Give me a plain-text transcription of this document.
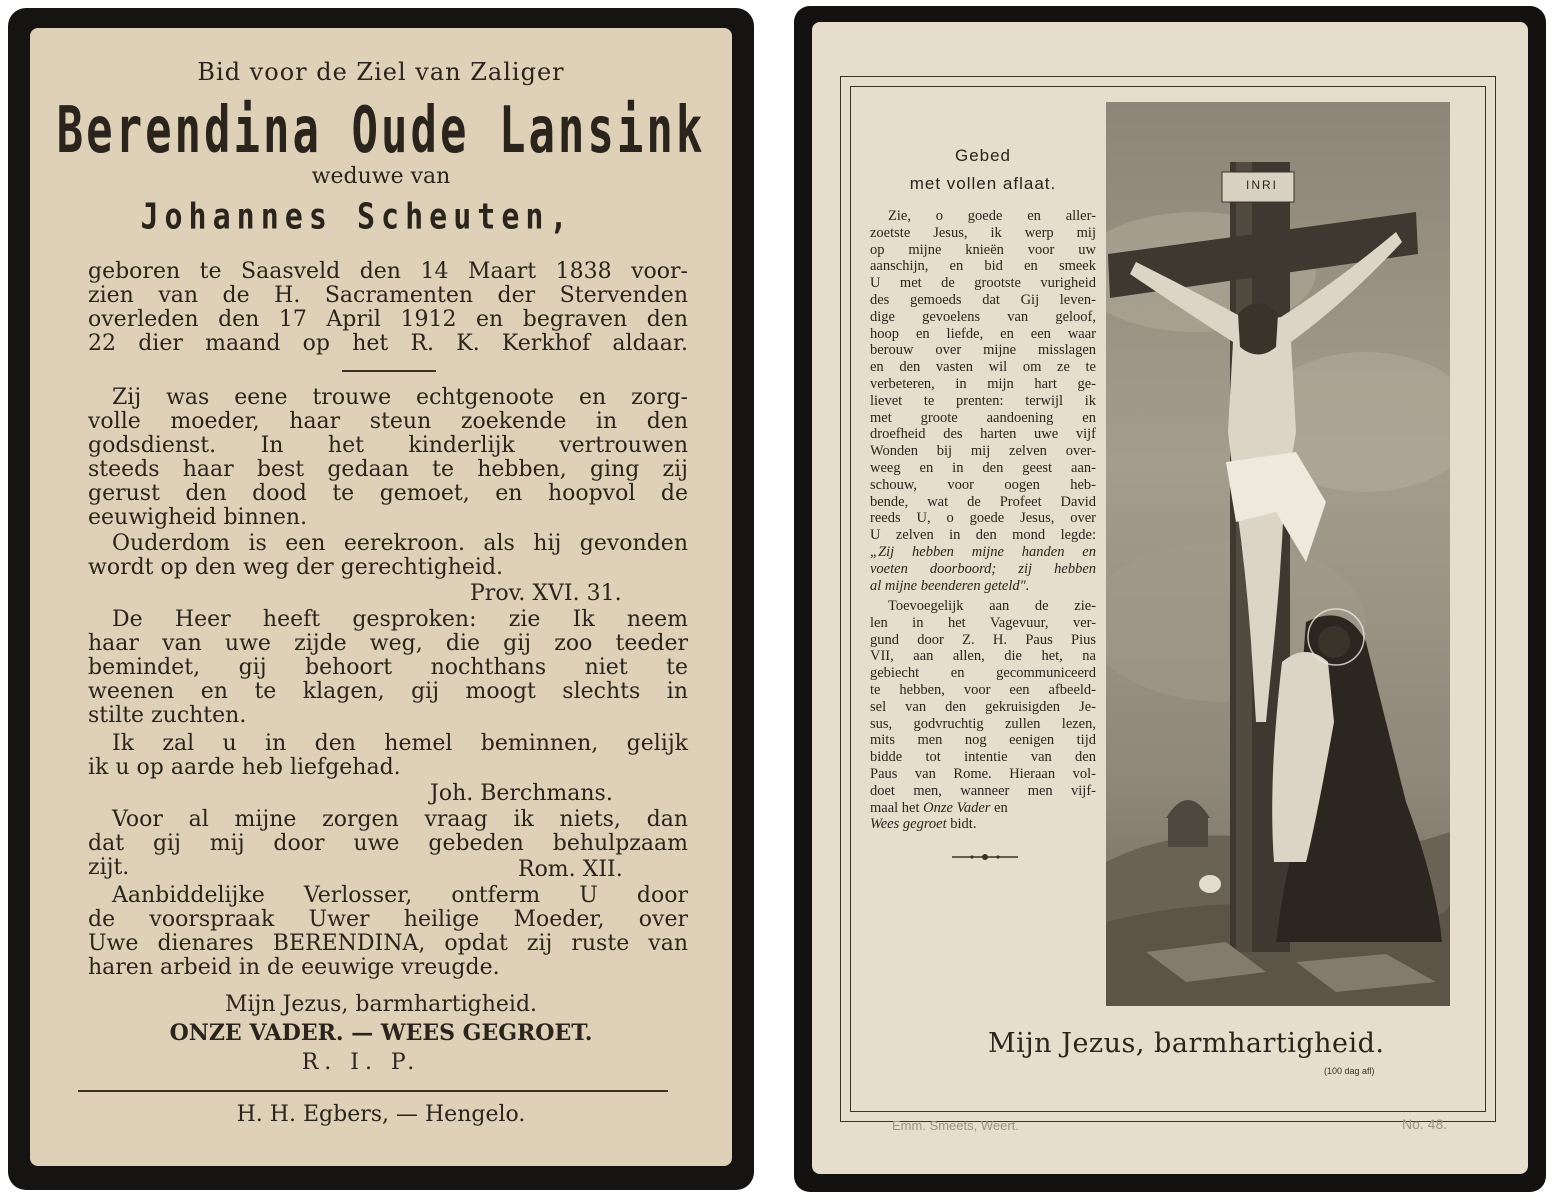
Bid voor de Ziel van Zaliger
Berendina Oude Lansink
weduwe van
Johannes Scheuten,
geboren te Saasveld den 14 Maart 1838 voor-
zien van de H. Sacramenten der Stervenden
overleden den 17 April 1912 en begraven den
22 dier maand op het R. K. Kerkhof aldaar.
Zij was eene trouwe echtgenoote en zorg-
volle moeder, haar steun zoekende in den
godsdienst. In het kinderlijk vertrouwen
steeds haar best gedaan te hebben, ging zij
gerust den dood te gemoet, en hoopvol de
eeuwigheid binnen.
Ouderdom is een eerekroon. als hij gevonden
wordt op den weg der gerechtigheid.
Prov. XVI. 31.
De Heer heeft gesproken: zie Ik neem
haar van uwe zijde weg, die gij zoo teeder
bemindet, gij behoort nochthans niet te
weenen en te klagen, gij moogt slechts in
stilte zuchten.
Ik zal u in den hemel beminnen, gelijk
ik u op aarde heb liefgehad.
Joh. Berchmans.
Voor al mijne zorgen vraag ik niets, dan
dat gij mij door uwe gebeden behulpzaam
zijt.	Rom. XII.
Aanbiddelijke Verlosser, ontferm U door
de voorspraak Uwer heilige Moeder, over
Uwe dienares BERENDINA, opdat zij ruste van
haren arbeid in de eeuwige vreugde.
Mijn Jezus, barmhartigheid.
ONZE VADER. — WEES GEGROET.
R. I. P.
H. H. Egbers, — Hengelo.
Gebed
met vollen aflaat.
Zie, o goede en aller-
zoetste Jesus, ik werp mij
op mijne knieën voor uw
aanschijn, en bid en smeek
U met de grootste vurigheid
des gemoeds dat Gij leven-
dige gevoelens van geloof,
hoop en liefde, en een waar
berouw over mijne misslagen
en den vasten wil om ze te
verbeteren, in mijn hart ge-
lievet te prenten: terwijl ik
met groote aandoening en
droefheid des harten uwe vijf
Wonden bij mij zelven over-
weeg en in den geest aan-
schouw, voor oogen heb-
bende, wat de Profeet David
reeds U, o goede Jesus, over
U zelven in den mond legde:
„Zij hebben mijne handen en
voeten doorboord; zij hebben
al mijne beenderen geteld".
Toevoegelijk aan de zie-
len in het Vagevuur, ver-
gund door Z. H. Paus Pius
VII, aan allen, die het, na
gebiecht en gecommuniceerd
te hebben, voor een afbeeld-
sel van den gekruisigden Je-
sus, godvruchtig zullen lezen,
mits men nog eenigen tijd
bidde tot intentie van den
Paus van Rome. Hieraan vol-
doet men, wanneer men vijf-
maal het Onze Vader en
Wees gegroet bidt.
INRI
Mijn Jezus, barmhartigheid.
(100 dag afl)
Emm. Smeets, Weert.	No. 48.
